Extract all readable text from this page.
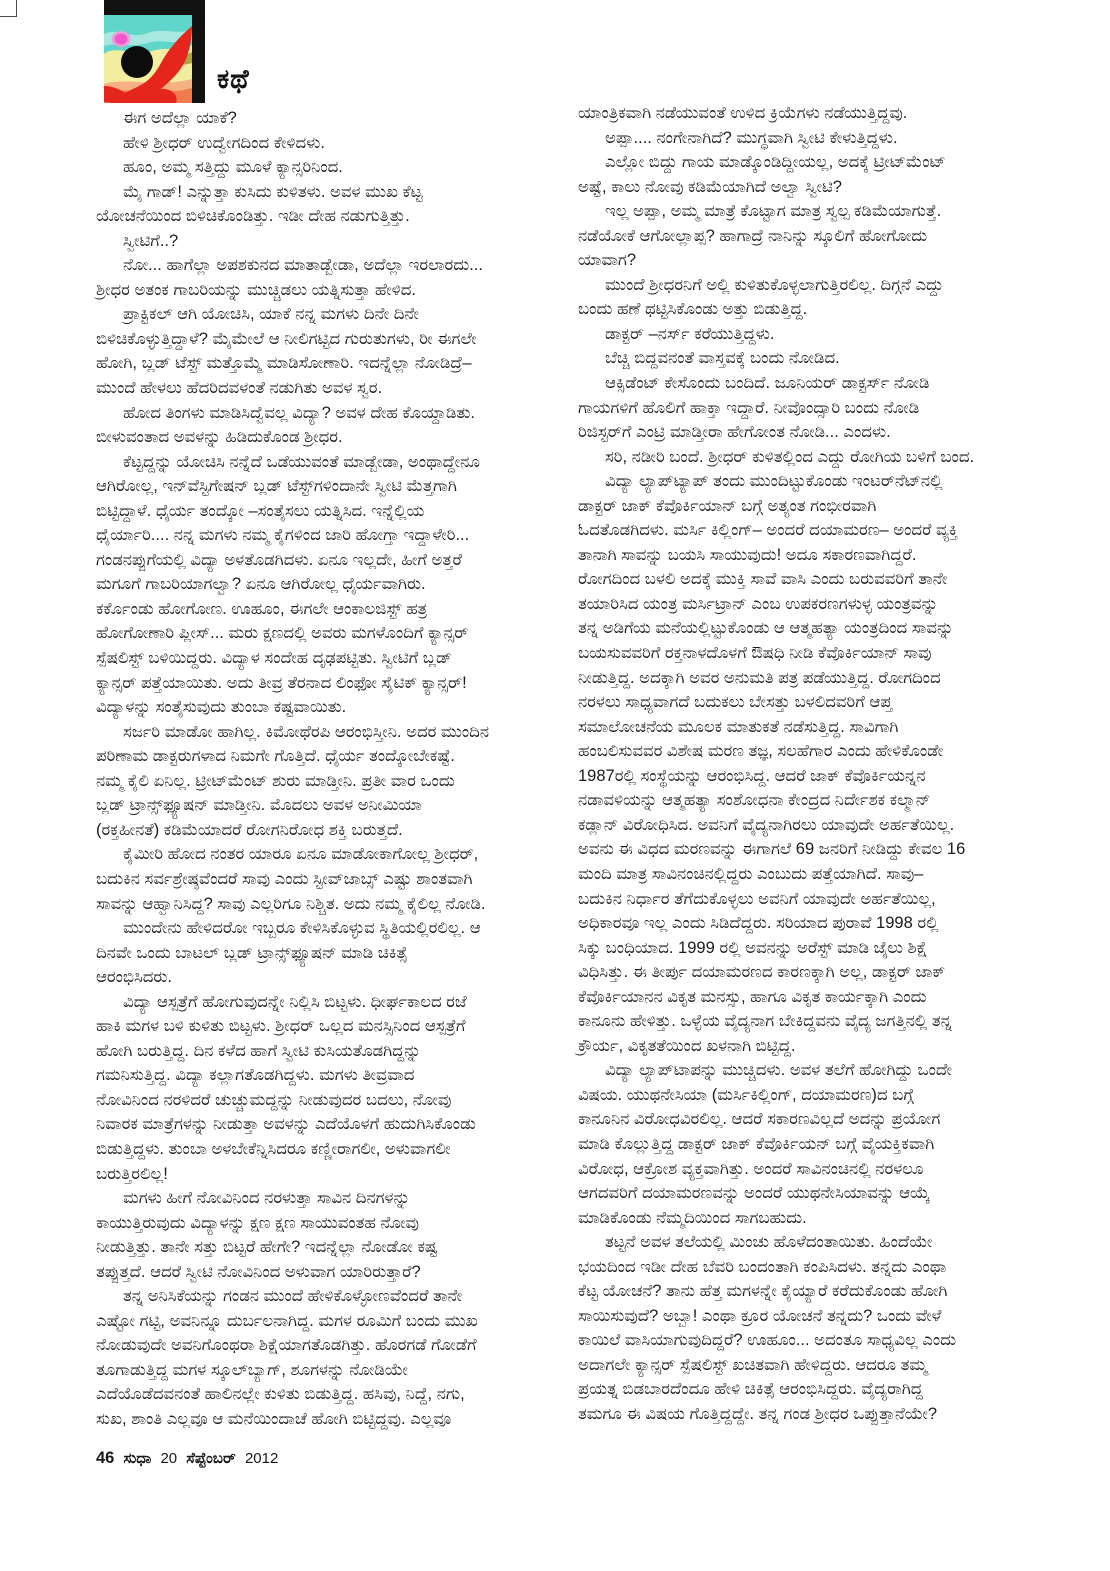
ಕಥೆ
ಈಗ ಅದೆಲ್ಲಾ ಯಾಕೆ?
ಹೇಳಿ ಶ್ರೀಧರ್ ಉದ್ವೇಗದಿಂದ ಕೇಳಿದಳು.
ಹೂಂ, ಅಮ್ಮ ಸತ್ತಿದ್ದು ಮೂಳೆ ಕ್ಯಾನ್ಸರಿನಿಂದ.
ಮೈ ಗಾಡ್! ಎನ್ನುತ್ತಾ ಕುಸಿದು ಕುಳಿತಳು. ಅವಳ ಮುಖ ಕೆಟ್ಟ
ಯೋಚನೆಯಿಂದ ಬಿಳಿಚಿಕೊಂಡಿತ್ತು. ಇಡೀ ದೇಹ ನಡುಗುತ್ತಿತ್ತು.
ಸ್ವೀಟಿಗೆ..?
ನೋ... ಹಾಗೆಲ್ಲಾ ಅಪಶಕುನದ ಮಾತಾಡ್ಬೇಡಾ, ಅದೆಲ್ಲಾ ಇರಲಾರದು...
ಶ್ರೀಧರ ಅತಂಕ ಗಾಬರಿಯನ್ನು ಮುಚ್ಚಿಡಲು ಯತ್ನಿಸುತ್ತಾ ಹೇಳಿದ.
ಪ್ರಾಕ್ಟಿಕಲ್ ಆಗಿ ಯೋಚಿಸಿ, ಯಾಕೆ ನನ್ನ ಮಗಳು ದಿನೇ ದಿನೇ
ಬಿಳಿಚಿಕೊಳ್ಳುತ್ತಿದ್ದಾಳೆ? ಮೈಮೇಲೆ ಆ ನೀಲಿಗಟ್ಟಿದ ಗುರುತುಗಳು, ರೀ ಈಗಲೇ
ಹೋಗಿ, ಬ್ಲಡ್ ಟೆಸ್ಟ್ ಮತ್ತೊಮ್ಮೆ ಮಾಡಿಸೋಣಾರಿ. ಇದನ್ನೆಲ್ಲಾ ನೋಡಿದ್ರೆ–
ಮುಂದೆ ಹೇಳಲು ಹೆದರಿದವಳಂತೆ ನಡುಗಿತು ಅವಳ ಸ್ವರ.
ಹೋದ ತಿಂಗಳು ಮಾಡಿಸಿದ್ವೆವಲ್ಲ ವಿದ್ಯಾ? ಅವಳ ದೇಹ ಕೊಯ್ದಾಡಿತು.
ಬೀಳುವಂತಾದ ಅವಳನ್ನು ಹಿಡಿದುಕೊಂಡ ಶ್ರೀಧರ.
ಕೆಟ್ಟದ್ದನ್ನು ಯೋಚಿಸಿ ನನ್ನೆದೆ ಒಡೆಯುವಂತೆ ಮಾಡ್ಬೇಡಾ, ಅಂಥಾದ್ದೇನೂ
ಆಗಿರೋಲ್ಲ, ಇನ್‌ವೆಸ್ಟಿಗೇಷನ್ ಬ್ಲಡ್ ಟೆಸ್ಟ್‌ಗಳಿಂದಾನೇ ಸ್ವೀಟಿ ಮೆತ್ತಗಾಗಿ
ಬಿಟ್ಟಿದ್ದಾಳೆ. ಧೈರ್ಯ ತಂದ್ಕೋ –ಸಂತೈಸಲು ಯತ್ನಿಸಿದ. ಇನ್ನೆಲ್ಲಿಯ
ಧೈರ್ಯಾರಿ.... ನನ್ನ ಮಗಳು ನಮ್ಮ ಕೈಗಳಿಂದ ಜಾರಿ ಹೋಗ್ತಾ ಇದ್ದಾಳೇರಿ...
ಗಂಡನಪ್ಪುಗೆಯಲ್ಲಿ ವಿದ್ಯಾ ಅಳತೊಡಗಿದಳು. ಏನೂ ಇಲ್ಲದೇ, ಹೀಗೆ ಅತ್ತರೆ
ಮಗೂಗೆ ಗಾಬರಿಯಾಗಲ್ವಾ? ಏನೂ ಆಗಿರೋಲ್ಲ ಧೈರ್ಯವಾಗಿರು.
ಕರ್ಕೊಂಡು ಹೋಗೋಣ. ಊಹೂಂ, ಈಗಲೇ ಆಂಕಾಲಜಿಸ್ಟ್ ಹತ್ರ
ಹೋಗೋಣಾರಿ ಪ್ಲೀಸ್... ಮರು ಕ್ಷಣದಲ್ಲಿ ಅವರು ಮಗಳೊಂದಿಗೆ ಕ್ಯಾನ್ಸರ್
ಸ್ಪೆಷಲಿಸ್ಟ್ ಬಳಿಯಿದ್ದರು. ವಿದ್ಯಾಳ ಸಂದೇಹ ದೃಢಪಟ್ಟಿತು. ಸ್ವೀಟಿಗೆ ಬ್ಲಡ್
ಕ್ಯಾನ್ಸರ್ ಪತ್ತೆಯಾಯಿತು. ಅದು ತೀವ್ರ ತೆರನಾದ ಲಿಂಫೋ ಸೈಟಿಕ್ ಕ್ಯಾನ್ಸರ್!
ವಿದ್ಯಾಳನ್ನು ಸಂತೈಸುವುದು ತುಂಬಾ ಕಷ್ಟವಾಯಿತು.
ಸರ್ಜರಿ ಮಾಡೋ ಹಾಗಿಲ್ಲ. ಕಿಮೋಥೆರಪಿ ಆರಂಭಿಸ್ತೀನಿ. ಅದರ ಮುಂದಿನ
ಪರಿಣಾಮ ಡಾಕ್ಟರುಗಳಾದ ನಿಮಗೇ ಗೊತ್ತಿದೆ. ಧೈರ್ಯ ತಂದ್ಕೋಬೇಕಷ್ಟೆ.
ನಮ್ಮ ಕೈಲಿ ಏನಿಲ್ಲ. ಟ್ರೀಟ್‌ಮೆಂಟ್ ಶುರು ಮಾಡ್ತೀನಿ. ಪ್ರತೀ ವಾರ ಒಂದು
ಬ್ಲಡ್ ಟ್ರಾನ್ಸ್‌ಫ್ಯೂಷನ್ ಮಾಡ್ತೀನಿ. ಮೊದಲು ಅವಳ ಅನೀಮಿಯಾ
(ರಕ್ತಹೀನತೆ) ಕಡಿಮೆಯಾದರೆ ರೋಗನಿರೋಧ ಶಕ್ತಿ ಬರುತ್ತದೆ.
ಕೈಮೀರಿ ಹೋದ ನಂತರ ಯಾರೂ ಏನೂ ಮಾಡೋಕಾಗೋಲ್ಲ ಶ್ರೀಧರ್,
ಬದುಕಿನ ಸರ್ವಶ್ರೇಷ್ಠವೆಂದರೆ ಸಾವು ಎಂದು ಸ್ಟೀವ್‌ಜಾಬ್ಸ್ ಎಷ್ಟು ಶಾಂತವಾಗಿ
ಸಾವನ್ನು ಆಹ್ವಾನಿಸಿದ್ದ? ಸಾವು ಎಲ್ಲರಿಗೂ ನಿಶ್ಚಿತ. ಅದು ನಮ್ಮ ಕೈಲಿಲ್ಲ ನೋಡಿ.
ಮುಂದೇನು ಹೇಳಿದರೋ ಇಬ್ಬರೂ ಕೇಳಿಸಿಕೊಳ್ಳುವ ಸ್ಥಿತಿಯಲ್ಲಿರಲಿಲ್ಲ. ಆ
ದಿನವೇ ಒಂದು ಬಾಟಲ್ ಬ್ಲಡ್ ಟ್ರಾನ್ಸ್‌ಫ್ಯೂಷನ್ ಮಾಡಿ ಚಿಕಿತ್ಸೆ
ಆರಂಭಿಸಿದರು.
ವಿದ್ಯಾ ಆಸ್ಪತ್ರೆಗೆ ಹೋಗುವುದನ್ನೇ ನಿಲ್ಲಿಸಿ ಬಿಟ್ಟಳು. ಧೀರ್ಘಕಾಲದ ರಜೆ
ಹಾಕಿ ಮಗಳ ಬಳಿ ಕುಳಿತು ಬಿಟ್ಟಳು. ಶ್ರೀಧರ್ ಒಲ್ಲದ ಮನಸ್ಸಿನಿಂದ ಆಸ್ಪತ್ರೆಗೆ
ಹೋಗಿ ಬರುತ್ತಿದ್ದ. ದಿನ ಕಳೆದ ಹಾಗೆ ಸ್ವೀಟಿ ಕುಸಿಯತೊಡಗಿದ್ದನ್ನು
ಗಮನಿಸುತ್ತಿದ್ದ. ವಿದ್ಯಾ ಕಲ್ಲಾಗತೊಡಗಿದ್ದಳು. ಮಗಳು ತೀವ್ರವಾದ
ನೋವಿನಿಂದ ನರಳಿದರೆ ಚುಚ್ಚುಮದ್ದನ್ನು ನೀಡುವುದರ ಬದಲು, ನೋವು
ನಿವಾರಕ ಮಾತ್ರೆಗಳನ್ನು ನೀಡುತ್ತಾ ಅವಳನ್ನು ಎದೆಯೊಳಗೆ ಹುದುಗಿಸಿಕೊಂಡು
ಬಿಡುತ್ತಿದ್ದಳು. ತುಂಬಾ ಅಳಬೇಕೆನ್ನಿಸಿದರೂ ಕಣ್ಣೀರಾಗಲೀ, ಅಳುವಾಗಲೀ
ಬರುತ್ತಿರಲಿಲ್ಲ!
ಮಗಳು ಹೀಗೆ ನೋವಿನಿಂದ ನರಳುತ್ತಾ ಸಾವಿನ ದಿನಗಳನ್ನು
ಕಾಯುತ್ತಿರುವುದು ವಿದ್ಯಾಳನ್ನು ಕ್ಷಣ ಕ್ಷಣ ಸಾಯುವಂತಹ ನೋವು
ನೀಡುತ್ತಿತ್ತು. ತಾನೇ ಸತ್ತು ಬಿಟ್ಟರೆ ಹೇಗೇ? ಇದನ್ನೆಲ್ಲಾ ನೋಡೋ ಕಷ್ಟ
ತಪ್ಪುತ್ತದೆ. ಆದರೆ ಸ್ವೀಟಿ ನೋವಿನಿಂದ ಅಳುವಾಗ ಯಾರಿರುತ್ತಾರೆ?
ತನ್ನ ಅನಿಸಿಕೆಯನ್ನು ಗಂಡನ ಮುಂದೆ ಹೇಳಿಕೊಳ್ಳೋಣವೆಂದರೆ ತಾನೇ
ಎಷ್ಟೋ ಗಟ್ಟಿ, ಅವನಿನ್ನೂ ದುರ್ಬಲನಾಗಿದ್ದ. ಮಗಳ ರೂಮಿಗೆ ಬಂದು ಮುಖ
ನೋಡುವುದೇ ಅವನಿಗೊಂಥರಾ ಶಿಕ್ಷೆಯಾಗತೊಡಗಿತ್ತು. ಹೊರಗಡೆ ಗೋಡೆಗೆ
ತೂಗಾಡುತ್ತಿದ್ದ ಮಗಳ ಸ್ಕೂಲ್‌ಬ್ಯಾಗ್, ಶೂಗಳನ್ನು ನೋಡಿಯೇ
ಎದೆಯೊಡೆದವನಂತೆ ಹಾಲಿನಲ್ಲೇ ಕುಳಿತು ಬಿಡುತ್ತಿದ್ದ. ಹಸಿವು, ನಿದ್ದೆ, ನಗು,
ಸುಖ, ಶಾಂತಿ ಎಲ್ಲವೂ ಆ ಮನೆಯಿಂದಾಚೆ ಹೋಗಿ ಬಿಟ್ಟಿದ್ದವು. ಎಲ್ಲವೂ
ಯಾಂತ್ರಿಕವಾಗಿ ನಡೆಯುವಂತೆ ಉಳಿದ ಕ್ರಿಯೆಗಳು ನಡೆಯುತ್ತಿದ್ದವು.
ಅಪ್ಪಾ.... ನಂಗೇನಾಗಿದೆ? ಮುಗ್ಧವಾಗಿ ಸ್ವೀಟಿ ಕೇಳುತ್ತಿದ್ದಳು.
ಎಲ್ಲೋ ಬಿದ್ದು ಗಾಯ ಮಾಡ್ಕೊಂಡಿದ್ದೀಯಲ್ಲ, ಅದಕ್ಕೆ ಟ್ರೀಟ್‌ಮೆಂಟ್
ಅಷ್ಟೆ, ಕಾಲು ನೋವು ಕಡಿಮೆಯಾಗಿದೆ ಅಲ್ವಾ ಸ್ವೀಟಿ?
ಇಲ್ಲ ಅಪ್ಪಾ, ಅಮ್ಮ ಮಾತ್ರೆ ಕೊಟ್ಟಾಗ ಮಾತ್ರ ಸ್ವಲ್ಪ ಕಡಿಮೆಯಾಗುತ್ತೆ.
ನಡೆಯೋಕೆ ಆಗೋಲ್ಲಾಪ್ಪ? ಹಾಗಾದ್ರೆ ನಾನಿನ್ನು ಸ್ಕೂಲಿಗೆ ಹೋಗೋದು
ಯಾವಾಗ?
ಮುಂದೆ ಶ್ರೀಧರನಿಗೆ ಅಲ್ಲಿ ಕುಳಿತುಕೊಳ್ಳಲಾಗುತ್ತಿರಲಿಲ್ಲ. ದಿಗ್ಗನೆ ಎದ್ದು
ಬಂದು ಹಣೆ ಥಟ್ಟಿಸಿಕೊಂಡು ಅತ್ತು ಬಿಡುತ್ತಿದ್ದ.
ಡಾಕ್ಟರ್ –ನರ್ಸ್ ಕರೆಯುತ್ತಿದ್ದಳು.
ಬೆಚ್ಚಿ ಬಿದ್ದವನಂತೆ ವಾಸ್ತವಕ್ಕೆ ಬಂದು ನೋಡಿದ.
ಆಕ್ಸಿಡೆಂಟ್ ಕೇಸೊಂದು ಬಂದಿದೆ. ಜೂನಿಯರ್ ಡಾಕ್ಟರ್ಸ್ ನೋಡಿ
ಗಾಯಗಳಿಗೆ ಹೊಲಿಗೆ ಹಾಕ್ತಾ ಇದ್ದಾರೆ. ನೀವೊಂದ್ಸಾರಿ ಬಂದು ನೋಡಿ
ರಿಜಿಸ್ಟರ್‌ಗೆ ಎಂಟ್ರಿ ಮಾಡ್ತೀರಾ ಹೇಗೋಂತ ನೋಡಿ... ಎಂದಳು.
ಸರಿ, ನಡೀರಿ ಬಂದೆ. ಶ್ರೀಧರ್ ಕುಳಿತಲ್ಲಿಂದ ಎದ್ದು ರೋಗಿಯ ಬಳಿಗೆ ಬಂದ.
ವಿದ್ಯಾ ಲ್ಯಾಪ್‌ಟ್ಯಾಪ್ ತಂದು ಮುಂದಿಟ್ಟುಕೊಂಡು ಇಂಟರ್‌ನೆಟ್‌ನಲ್ಲಿ
ಡಾಕ್ಟರ್ ಜಾಕ್ ಕೆವೊರ್ಕಿಯಾನ್ ಬಗ್ಗೆ ಅತ್ಯಂತ ಗಂಭೀರವಾಗಿ
ಓದತೊಡಗಿದಳು. ಮರ್ಸಿ ಕಿಲ್ಲಿಂಗ್– ಅಂದರೆ ದಯಾಮರಣ– ಅಂದರೆ ವ್ಯಕ್ತಿ
ತಾನಾಗಿ ಸಾವನ್ನು ಬಯಸಿ ಸಾಯುವುದು! ಅದೂ ಸಕಾರಣವಾಗಿದ್ದರೆ.
ರೋಗದಿಂದ ಬಳಲಿ ಅದಕ್ಕೆ ಮುಕ್ತಿ ಸಾವೆ ವಾಸಿ ಎಂದು ಬರುವವರಿಗೆ ತಾನೇ
ತಯಾರಿಸಿದ ಯಂತ್ರ ಮರ್ಸಿಟ್ರಾನ್ ಎಂಬ ಉಪಕರಣಗಳುಳ್ಳ ಯಂತ್ರವನ್ನು
ತನ್ನ ಅಡಿಗೆಯ ಮನೆಯಲ್ಲಿಟ್ಟುಕೊಂಡು ಆ ಆತ್ಮಹತ್ಯಾ ಯಂತ್ರದಿಂದ ಸಾವನ್ನು
ಬಯಸುವವರಿಗೆ ರಕ್ತನಾಳದೊಳಗೆ ಔಷಧಿ ನೀಡಿ ಕೆವೊರ್ಕಿಯಾನ್ ಸಾವು
ನೀಡುತ್ತಿದ್ದ. ಅದಕ್ಕಾಗಿ ಅವರ ಅನುಮತಿ ಪತ್ರ ಪಡೆಯುತ್ತಿದ್ದ. ರೋಗದಿಂದ
ನರಳಲು ಸಾಧ್ಯವಾಗದೆ ಬದುಕಲು ಬೇಸತ್ತು ಬಳಲಿದವರಿಗೆ ಆಪ್ತ
ಸಮಾಲೋಚನೆಯ ಮೂಲಕ ಮಾತುಕತೆ ನಡೆಸುತ್ತಿದ್ದ. ಸಾವಿಗಾಗಿ
ಹಂಬಲಿಸುವವರ ವಿಶೇಷ ಮರಣ ತಜ್ಞ, ಸಲಹೆಗಾರ ಎಂದು ಹೇಳಿಕೊಂಡೇ
1987ರಲ್ಲಿ ಸಂಸ್ಥೆಯನ್ನು ಆರಂಭಿಸಿದ್ದ. ಆದರೆ ಜಾಕ್ ಕೆವೊರ್ಕಿಯನ್ನನ
ನಡಾವಳಿಯನ್ನು ಆತ್ಮಹತ್ಯಾ ಸಂಶೋಧನಾ ಕೇಂದ್ರದ ನಿರ್ದೇಶಕ ಕಲ್ಮಾನ್
ಕಡ್ಲಾನ್ ವಿರೋಧಿಸಿದ. ಅವನಿಗೆ ವೈದ್ಯನಾಗಿರಲು ಯಾವುದೇ ಅರ್ಹತೆಯಿಲ್ಲ.
ಅವನು ಈ ವಿಧದ ಮರಣವನ್ನು ಈಗಾಗಲೆ 69 ಜನರಿಗೆ ನೀಡಿದ್ದು ಕೇವಲ 16
ಮಂದಿ ಮಾತ್ರ ಸಾವಿನಂಚಿನಲ್ಲಿದ್ದರು ಎಂಬುದು ಪತ್ತೆಯಾಗಿದೆ. ಸಾವು–
ಬದುಕಿನ ನಿರ್ಧಾರ ತೆಗೆದುಕೊಳ್ಳಲು ಅವನಿಗೆ ಯಾವುದೇ ಅರ್ಹತೆಯಿಲ್ಲ,
ಅಧಿಕಾರವೂ ಇಲ್ಲ ಎಂದು ಸಿಡಿದೆದ್ದರು. ಸರಿಯಾದ ಪುರಾವೆ 1998 ರಲ್ಲಿ
ಸಿಕ್ಕು ಬಂಧಿಯಾದ. 1999 ರಲ್ಲಿ ಅವನನ್ನು ಅರೆಸ್ಟ್ ಮಾಡಿ ಜೈಲು ಶಿಕ್ಷೆ
ವಿಧಿಸಿತ್ತು. ಈ ತೀರ್ಪು ದಯಾಮರಣದ ಕಾರಣಕ್ಕಾಗಿ ಅಲ್ಲ, ಡಾಕ್ಟರ್ ಜಾಕ್
ಕೆವೊರ್ಕಿಯಾನನ ವಿಕೃತ ಮನಸ್ಸು, ಹಾಗೂ ವಿಕೃತ ಕಾರ್ಯಕ್ಕಾಗಿ ಎಂದು
ಕಾನೂನು ಹೇಳಿತ್ತು. ಒಳ್ಳೆಯ ವೈದ್ಯನಾಗ ಬೇಕಿದ್ದವನು ವೈದ್ಯ ಜಗತ್ತಿನಲ್ಲಿ ತನ್ನ
ಕ್ರೌರ್ಯ, ವಿಕೃತತೆಯಿಂದ ಖಳನಾಗಿ ಬಿಟ್ಟಿದ್ದ.
ವಿದ್ಯಾ ಲ್ಯಾಪ್‌ಟಾಪನ್ನು ಮುಚ್ಚಿದಳು. ಅವಳ ತಲೆಗೆ ಹೋಗಿದ್ದು ಒಂದೇ
ವಿಷಯ. ಯುಥನೇಸಿಯಾ (ಮರ್ಸಿಕಿಲ್ಲಿಂಗ್, ದಯಾಮರಣ)ದ ಬಗ್ಗೆ
ಕಾನೂನಿನ ವಿರೋಧವಿರಲಿಲ್ಲ. ಆದರೆ ಸಕಾರಣವಿಲ್ಲದೆ ಅದನ್ನು ಪ್ರಯೋಗ
ಮಾಡಿ ಕೊಲ್ಲುತ್ತಿದ್ದ ಡಾಕ್ಟರ್ ಜಾಕ್ ಕೆವೊರ್ಕಿಯನ್ ಬಗ್ಗೆ ವೈಯಕ್ತಿಕವಾಗಿ
ವಿರೋಧ, ಆಕ್ರೋಶ ವ್ಯಕ್ತವಾಗಿತ್ತು. ಅಂದರೆ ಸಾವಿನಂಚಿನಲ್ಲಿ ನರಳಲೂ
ಆಗದವರಿಗೆ ದಯಾಮರಣವನ್ನು ಅಂದರೆ ಯುಥನೇಸಿಯಾವನ್ನು ಆಯ್ಕೆ
ಮಾಡಿಕೊಂಡು ನೆಮ್ಮದಿಯಿಂದ ಸಾಗಬಹುದು.
ತಟ್ಟನೆ ಅವಳ ತಲೆಯಲ್ಲಿ ಮಿಂಚು ಹೊಳೆದಂತಾಯಿತು. ಹಿಂದೆಯೇ
ಭಯದಿಂದ ಇಡೀ ದೇಹ ಬೆವರಿ ಬಂದಂತಾಗಿ ಕಂಪಿಸಿದಳು. ತನ್ನದು ಎಂಥಾ
ಕೆಟ್ಟ ಯೋಚನೆ? ತಾನು ಹೆತ್ತ ಮಗಳನ್ನೇ ಕೈಯ್ಯಾರೆ ಕರೆದುಕೊಂಡು ಹೋಗಿ
ಸಾಯಿಸುವುದೆ? ಅಬ್ಬಾ! ಎಂಥಾ ಕ್ರೂರ ಯೋಚನೆ ತನ್ನದು? ಒಂದು ವೇಳೆ
ಕಾಯಿಲೆ ವಾಸಿಯಾಗುವುದಿದ್ದರೆ? ಊಹೂಂ... ಅದಂತೂ ಸಾಧ್ಯವಿಲ್ಲ ಎಂದು
ಅದಾಗಲೇ ಕ್ಯಾನ್ಸರ್ ಸ್ಪೆಷಲಿಸ್ಟ್ ಖಚಿತವಾಗಿ ಹೇಳಿದ್ದರು. ಆದರೂ ತಮ್ಮ
ಪ್ರಯತ್ನ ಬಿಡಬಾರದೆಂದೂ ಹೇಳಿ ಚಿಕಿತ್ಸೆ ಆರಂಭಿಸಿದ್ದರು. ವೈದ್ಯರಾಗಿದ್ದ
ತಮಗೂ ಈ ವಿಷಯ ಗೊತ್ತಿದ್ದದ್ದೇ. ತನ್ನ ಗಂಡ ಶ್ರೀಧರ ಒಪ್ಪುತ್ತಾನೆಯೇ?
46 ಸುಧಾ 20 ಸೆಪ್ಟೆಂಬರ್ 2012
